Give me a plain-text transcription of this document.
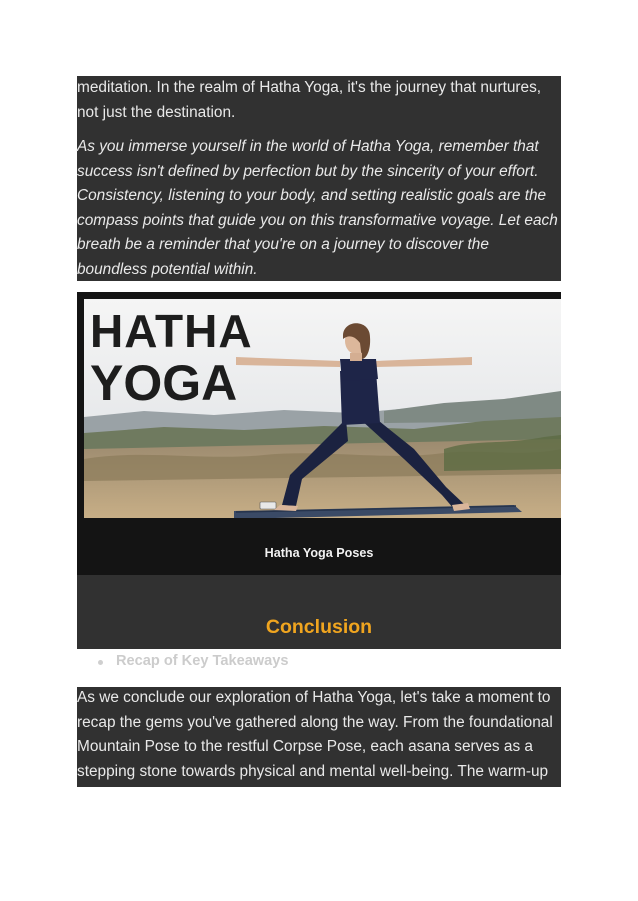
meditation. In the realm of Hatha Yoga, it's the journey that nurtures, not just the destination.

As you immerse yourself in the world of Hatha Yoga, remember that success isn't defined by perfection but by the sincerity of your effort. Consistency, listening to your body, and setting realistic goals are the compass points that guide you on this transformative voyage. Let each breath be a reminder that you're on a journey to discover the boundless potential within.

HATHA
YOGA
Hatha Yoga Poses
Conclusion
Recap of Key Takeaways

As we conclude our exploration of Hatha Yoga, let's take a moment to recap the gems you've gathered along the way. From the foundational Mountain Pose to the restful Corpse Pose, each asana serves as a stepping stone towards physical and mental well-being. The warm-up
